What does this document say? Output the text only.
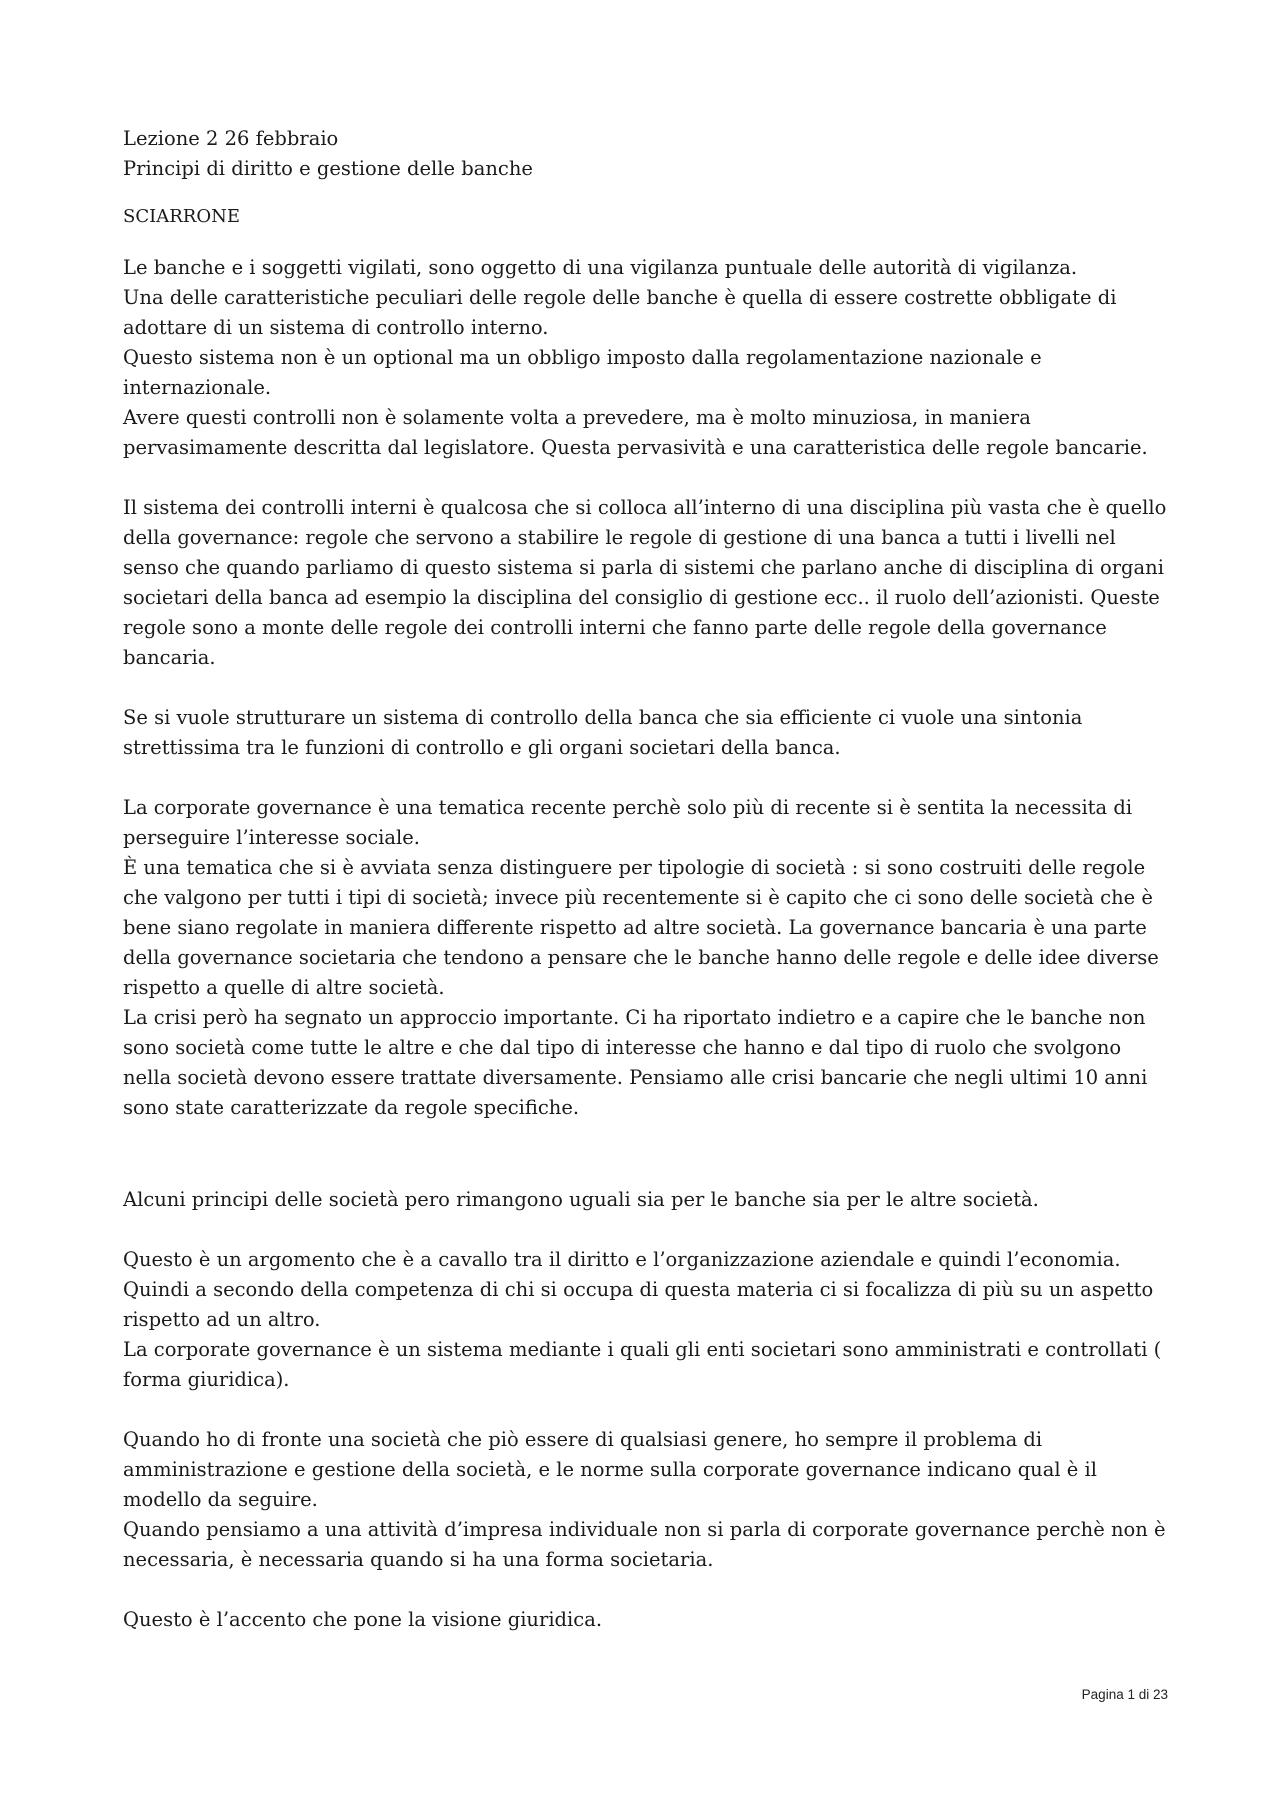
Lezione 2 26 febbraio

Principi di diritto e gestione delle banche

SCIARRONE

Le banche e i soggetti vigilati, sono oggetto di una vigilanza puntuale delle autorità di vigilanza.

Una delle caratteristiche peculiari delle regole delle banche è quella di essere costrette obbligate di adottare di un sistema di controllo interno.

Questo sistema non è un optional ma un obbligo imposto dalla regolamentazione nazionale e internazionale.

Avere questi controlli non è solamente volta a prevedere, ma è molto minuziosa, in maniera pervasimamente descritta dal legislatore. Questa pervasività e una caratteristica delle regole bancarie.

Il sistema dei controlli interni è qualcosa che si colloca all’interno di una disciplina più vasta che è quello della governance: regole che servono a stabilire le regole di gestione di una banca a tutti i livelli nel senso che quando parliamo di questo sistema si parla di sistemi che parlano anche di disciplina di organi societari della banca ad esempio la disciplina del consiglio di gestione ecc.. il ruolo dell’azionisti. Queste regole sono a monte delle regole dei controlli interni che fanno parte delle regole della governance bancaria.

Se si vuole strutturare un sistema di controllo della banca che sia efficiente ci vuole una sintonia strettissima tra le funzioni di controllo e gli organi societari della banca.

La corporate governance è una tematica recente perchè solo più di recente si è sentita la necessita di perseguire l’interesse sociale.

È una tematica che si è avviata senza distinguere per tipologie di società : si sono costruiti delle regole che valgono per tutti i tipi di società; invece più recentemente si è capito che ci sono delle società che è bene siano regolate in maniera differente rispetto ad altre società. La governance bancaria è una parte della governance societaria che tendono a pensare che le banche hanno delle regole e delle idee diverse rispetto a quelle di altre società.

La crisi però ha segnato un approccio importante. Ci ha riportato indietro e a capire che le banche non sono società come tutte le altre e che dal tipo di interesse che hanno e dal tipo di ruolo che svolgono nella società devono essere trattate diversamente. Pensiamo alle crisi bancarie che negli ultimi 10 anni sono state caratterizzate da regole specifiche.

Alcuni principi delle società pero rimangono uguali sia per le banche sia per le altre società.

Questo è un argomento che è a cavallo tra il diritto e l’organizzazione aziendale e quindi l’economia. Quindi a secondo della competenza di chi si occupa di questa materia ci si focalizza di più su un aspetto rispetto ad un altro.

La corporate governance è un sistema mediante i quali gli enti societari sono amministrati e controllati ( forma giuridica).

Quando ho di fronte una società che piò essere di qualsiasi genere, ho sempre il problema di amministrazione e gestione della società, e le norme sulla corporate governance indicano qual è il modello da seguire.

Quando pensiamo a una attività d’impresa individuale non si parla di corporate governance perchè non è necessaria, è necessaria quando si ha una forma societaria.

Questo è l’accento che pone la visione giuridica.

Pagina 1 di 23
